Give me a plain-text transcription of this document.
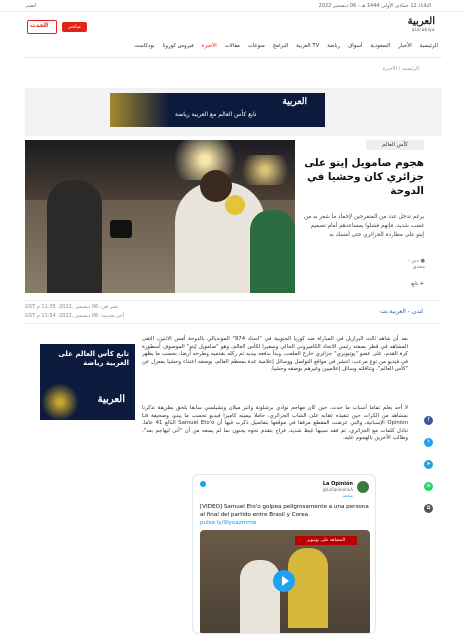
انضم	الثلاثاء 12 جمادى الأولى 1444 هـ - 06 ديسمبر 2022
العربية
alarabiya
مباشر
الحدث
الرئيسية
الأخبار
السعودية
أسواق
رياضة
العربية TV
البرامج
منوعات
مقالات
الأخيرة
فيروس كورونا
بودكاست
الرئيسية / الأخيرة
العربية
تابع كأس العالم مع العربية رياضة
كأس العالم
هجوم صامويل إيتو على جزائري كان وحشيا في الدوحة
برغم تدخل عدد من المتفرجين لإخماد ما شعر به من غضب شديد، فإنهم فشلوا بمساعدهم أمام تصميم إيتو على مطاردة الجزائري حتى أمسك به
● دبي - مجدي
+ تابع
لندن - العربية.نت
نشر في: 06 ديسمبر ,2022: 11:35 م GST
آخر تحديث: 06 ديسمبر ,2022: 11:54 م GST
تابع كأس العالم على العربية رياضة
العربية
بعد أن شاهد ثالث البرازيل في المباراة ضد كوريا الجنوبية في "استاد 974" المونديالي بالدوحة أمس الاثنين، التقى المشاهد في قطر بصفته رئيس الاتحاد الكاميروني الحالي وسفيرا لكأس العالم، وهو "صامويل إيتو" الموصوف أسطورة كرة القدم، على عضو "يوتيوبري" جزائري خارج الملعب، وبدأ بدفعه بيديه ثم ركله بقدميه وطرحه أرضا، بحسب ما يظهر في فيديو من نوع مرعب، انتشر في مواقع التواصل ووسائل إعلامية عدة بمعظم العالم، بوصفه اعتداء وحشيا بمعزل عن "كأس العالم"، وتناقلته وسائل إعلاميين وغيرهم بوصفه وحشيا.
لا أحد يعلم تماما أسباب ما حدث، حين كان مهاجم نوادي برشلونة وانتر ميلان وتشيلسي سابقا يلحق بطريقة تذكرنا بمشاهد من الكرات حين تنفيذه عقابه على الشاب الجزائري، حاملا بيمينه كاميرا فيديو تحسب ما يبدو، وصحيفة La Opinion الإسبانية، والتي عرضت المقطع مرفقا في موقعها بتفاصيل ذكرت فيها أن Samuel Eto'o البالغ 41 عاما، تبادل كلمات مع الجزائري، ثم فقد سببها غيظ شديد، فراح يتقدم نحوه بجنون بما لم يمنعه من أن "أتى ليهاجم بعد"، وطالب الآخرين بالهجوم عليه.
f
t
➤
w
⧉
La Opinión
@LaOpinionLA
متابعة
[VIDEO] Samuel Eto'o golpea peligrosamente a una persona al final del partido entre Brasil y Corea
pulse.ly/9lyoazmrrw
المشاهد على يوتيوبر
